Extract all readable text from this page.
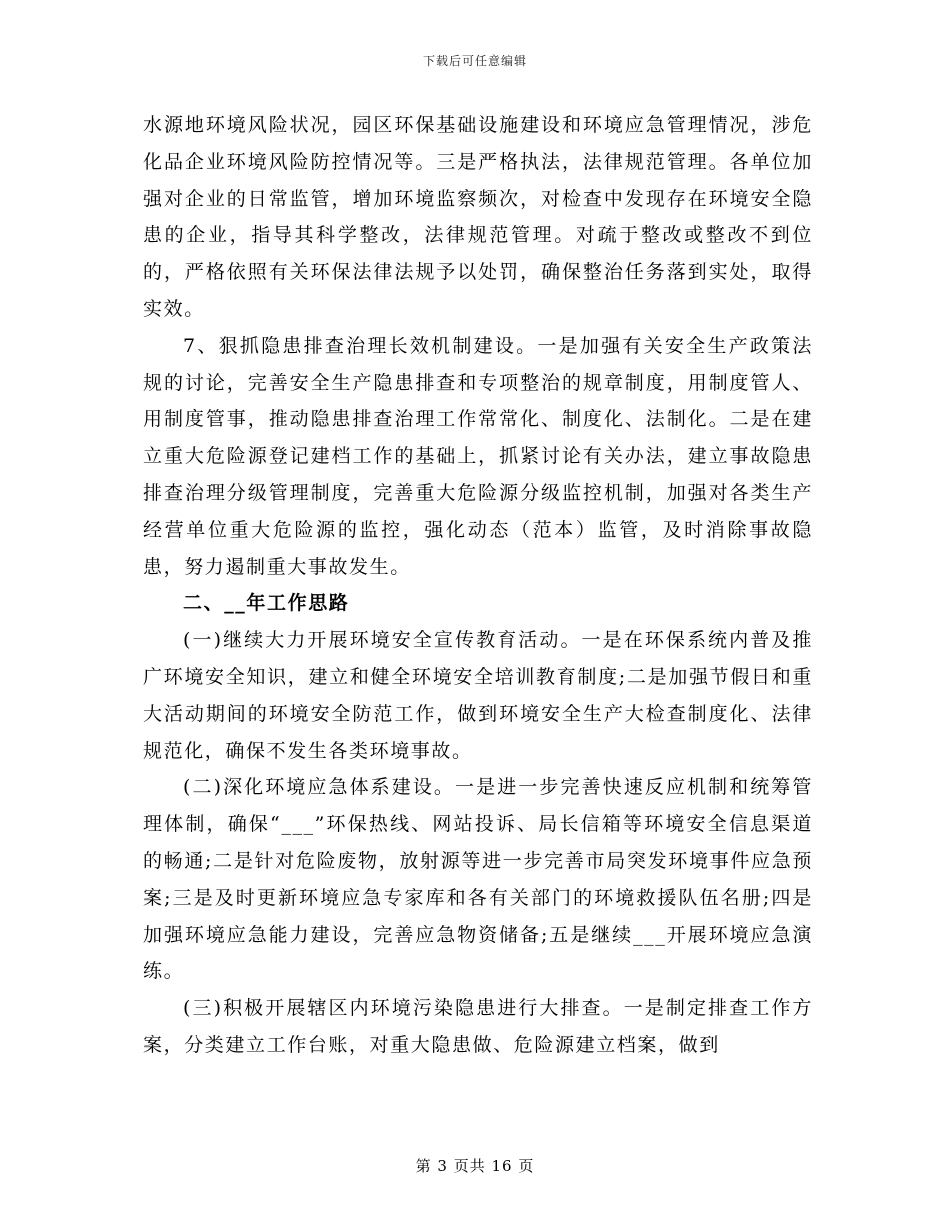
下载后可任意编辑

水源地环境风险状况，园区环保基础设施建设和环境应急管理情况，涉危化品企业环境风险防控情况等。三是严格执法，法律规范管理。各单位加强对企业的日常监管，增加环境监察频次，对检查中发现存在环境安全隐患的企业，指导其科学整改，法律规范管理。对疏于整改或整改不到位的，严格依照有关环保法律法规予以处罚，确保整治任务落到实处，取得实效。

7、狠抓隐患排查治理长效机制建设。一是加强有关安全生产政策法规的讨论，完善安全生产隐患排查和专项整治的规章制度，用制度管人、用制度管事，推动隐患排查治理工作常常化、制度化、法制化。二是在建立重大危险源登记建档工作的基础上，抓紧讨论有关办法，建立事故隐患排查治理分级管理制度，完善重大危险源分级监控机制，加强对各类生产经营单位重大危险源的监控，强化动态（范本）监管，及时消除事故隐患，努力遏制重大事故发生。

二、__年工作思路

(一)继续大力开展环境安全宣传教育活动。一是在环保系统内普及推广环境安全知识，建立和健全环境安全培训教育制度;二是加强节假日和重大活动期间的环境安全防范工作，做到环境安全生产大检查制度化、法律规范化，确保不发生各类环境事故。

(二)深化环境应急体系建设。一是进一步完善快速反应机制和统筹管理体制，确保“___”环保热线、网站投诉、局长信箱等环境安全信息渠道的畅通;二是针对危险废物，放射源等进一步完善市局突发环境事件应急预案;三是及时更新环境应急专家库和各有关部门的环境救援队伍名册;四是加强环境应急能力建设，完善应急物资储备;五是继续___开展环境应急演练。

(三)积极开展辖区内环境污染隐患进行大排查。一是制定排查工作方案，分类建立工作台账，对重大隐患做、危险源建立档案，做到

第 3 页共 16 页
